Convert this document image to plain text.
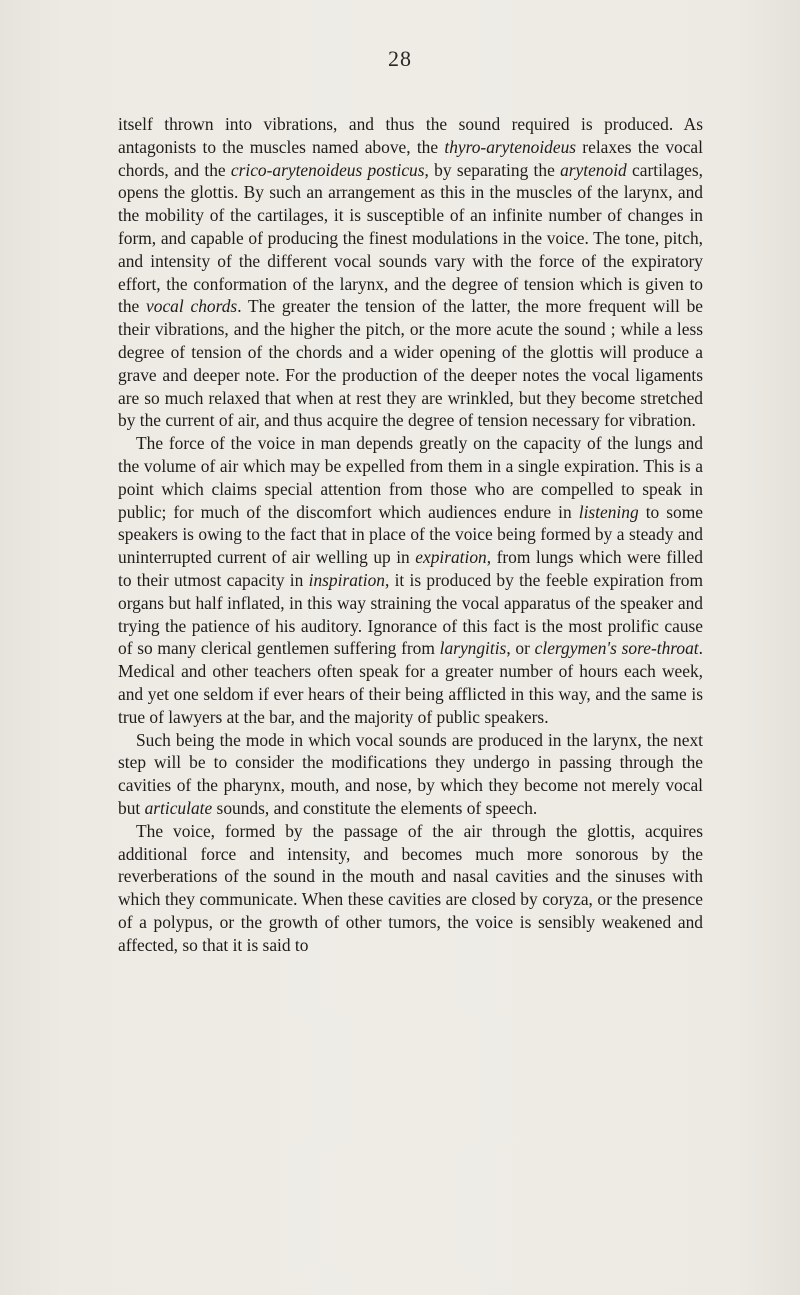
28

itself thrown into vibrations, and thus the sound required is produced. As antagonists to the muscles named above, the thyro-arytenoideus relaxes the vocal chords, and the crico-arytenoideus posticus, by separating the arytenoid cartilages, opens the glottis. By such an arrangement as this in the muscles of the larynx, and the mobility of the cartilages, it is susceptible of an infinite number of changes in form, and capable of producing the finest modulations in the voice. The tone, pitch, and intensity of the different vocal sounds vary with the force of the expiratory effort, the conformation of the larynx, and the degree of tension which is given to the vocal chords. The greater the tension of the latter, the more frequent will be their vibrations, and the higher the pitch, or the more acute the sound ; while a less degree of tension of the chords and a wider opening of the glottis will produce a grave and deeper note. For the production of the deeper notes the vocal ligaments are so much relaxed that when at rest they are wrinkled, but they become stretched by the current of air, and thus acquire the degree of tension necessary for vibration.

The force of the voice in man depends greatly on the capacity of the lungs and the volume of air which may be expelled from them in a single expiration. This is a point which claims special attention from those who are compelled to speak in public; for much of the discomfort which audiences endure in listening to some speakers is owing to the fact that in place of the voice being formed by a steady and uninterrupted current of air welling up in expiration, from lungs which were filled to their utmost capacity in inspiration, it is produced by the feeble expiration from organs but half inflated, in this way straining the vocal apparatus of the speaker and trying the patience of his auditory. Ignorance of this fact is the most prolific cause of so many clerical gentlemen suffering from laryngitis, or clergymen's sore-throat. Medical and other teachers often speak for a greater number of hours each week, and yet one seldom if ever hears of their being afflicted in this way, and the same is true of lawyers at the bar, and the majority of public speakers.

Such being the mode in which vocal sounds are produced in the larynx, the next step will be to consider the modifications they undergo in passing through the cavities of the pharynx, mouth, and nose, by which they become not merely vocal but articulate sounds, and constitute the elements of speech.

The voice, formed by the passage of the air through the glottis, acquires additional force and intensity, and becomes much more sonorous by the reverberations of the sound in the mouth and nasal cavities and the sinuses with which they communicate. When these cavities are closed by coryza, or the presence of a polypus, or the growth of other tumors, the voice is sensibly weakened and affected, so that it is said to
